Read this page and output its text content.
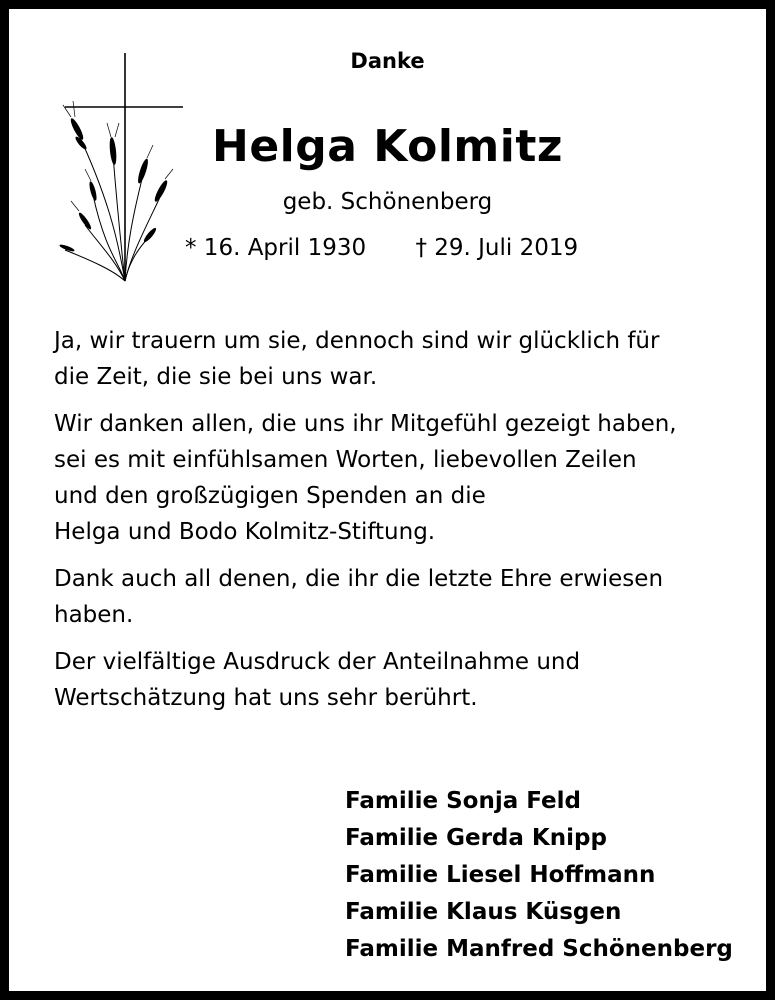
Danke
Helga Kolmitz
geb. Schönenberg
* 16. April 1930 † 29. Juli 2019

Ja, wir trauern um sie, dennoch sind wir glücklich für
die Zeit, die sie bei uns war.

Wir danken allen, die uns ihr Mitgefühl gezeigt haben,
sei es mit einfühlsamen Worten, liebevollen Zeilen
und den großzügigen Spenden an die
Helga und Bodo Kolmitz-Stiftung.

Dank auch all denen, die ihr die letzte Ehre erwiesen
haben.

Der vielfältige Ausdruck der Anteilnahme und
Wertschätzung hat uns sehr berührt.

Familie Sonja Feld
Familie Gerda Knipp
Familie Liesel Hoffmann
Familie Klaus Küsgen
Familie Manfred Schönenberg
